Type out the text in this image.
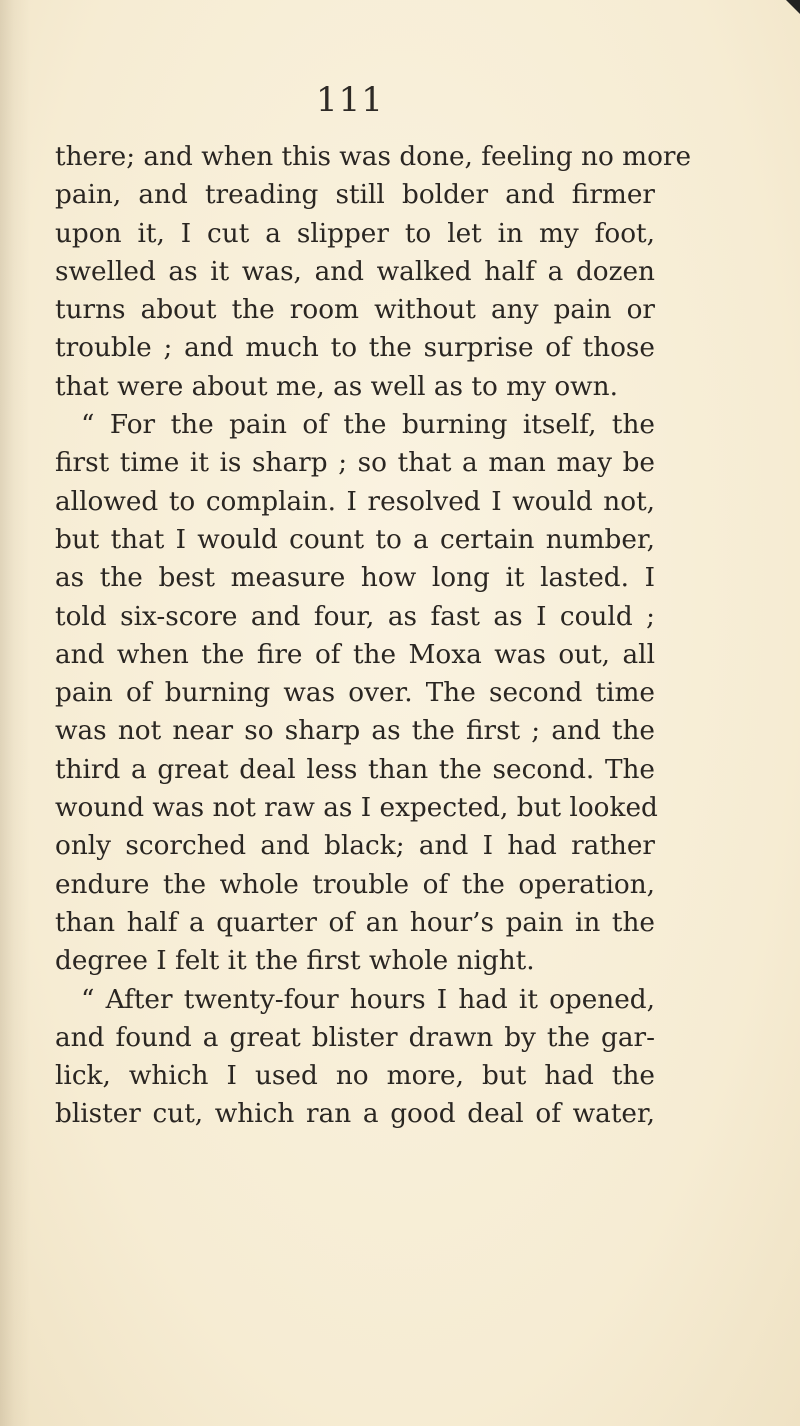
111
there; and when this was done, feeling no more
pain, and treading still bolder and firmer
upon it, I cut a slipper to let in my foot,
swelled as it was, and walked half a dozen
turns about the room without any pain or
trouble ; and much to the surprise of those
that were about me, as well as to my own.
“ For the pain of the burning itself, the
first time it is sharp ; so that a man may be
allowed to complain. I resolved I would not,
but that I would count to a certain number,
as the best measure how long it lasted. I
told six-score and four, as fast as I could ;
and when the fire of the Moxa was out, all
pain of burning was over. The second time
was not near so sharp as the first ; and the
third a great deal less than the second. The
wound was not raw as I expected, but looked
only scorched and black; and I had rather
endure the whole trouble of the operation,
than half a quarter of an hour’s pain in the
degree I felt it the first whole night.
“ After twenty-four hours I had it opened,
and found a great blister drawn by the gar-
lick, which I used no more, but had the
blister cut, which ran a good deal of water,
